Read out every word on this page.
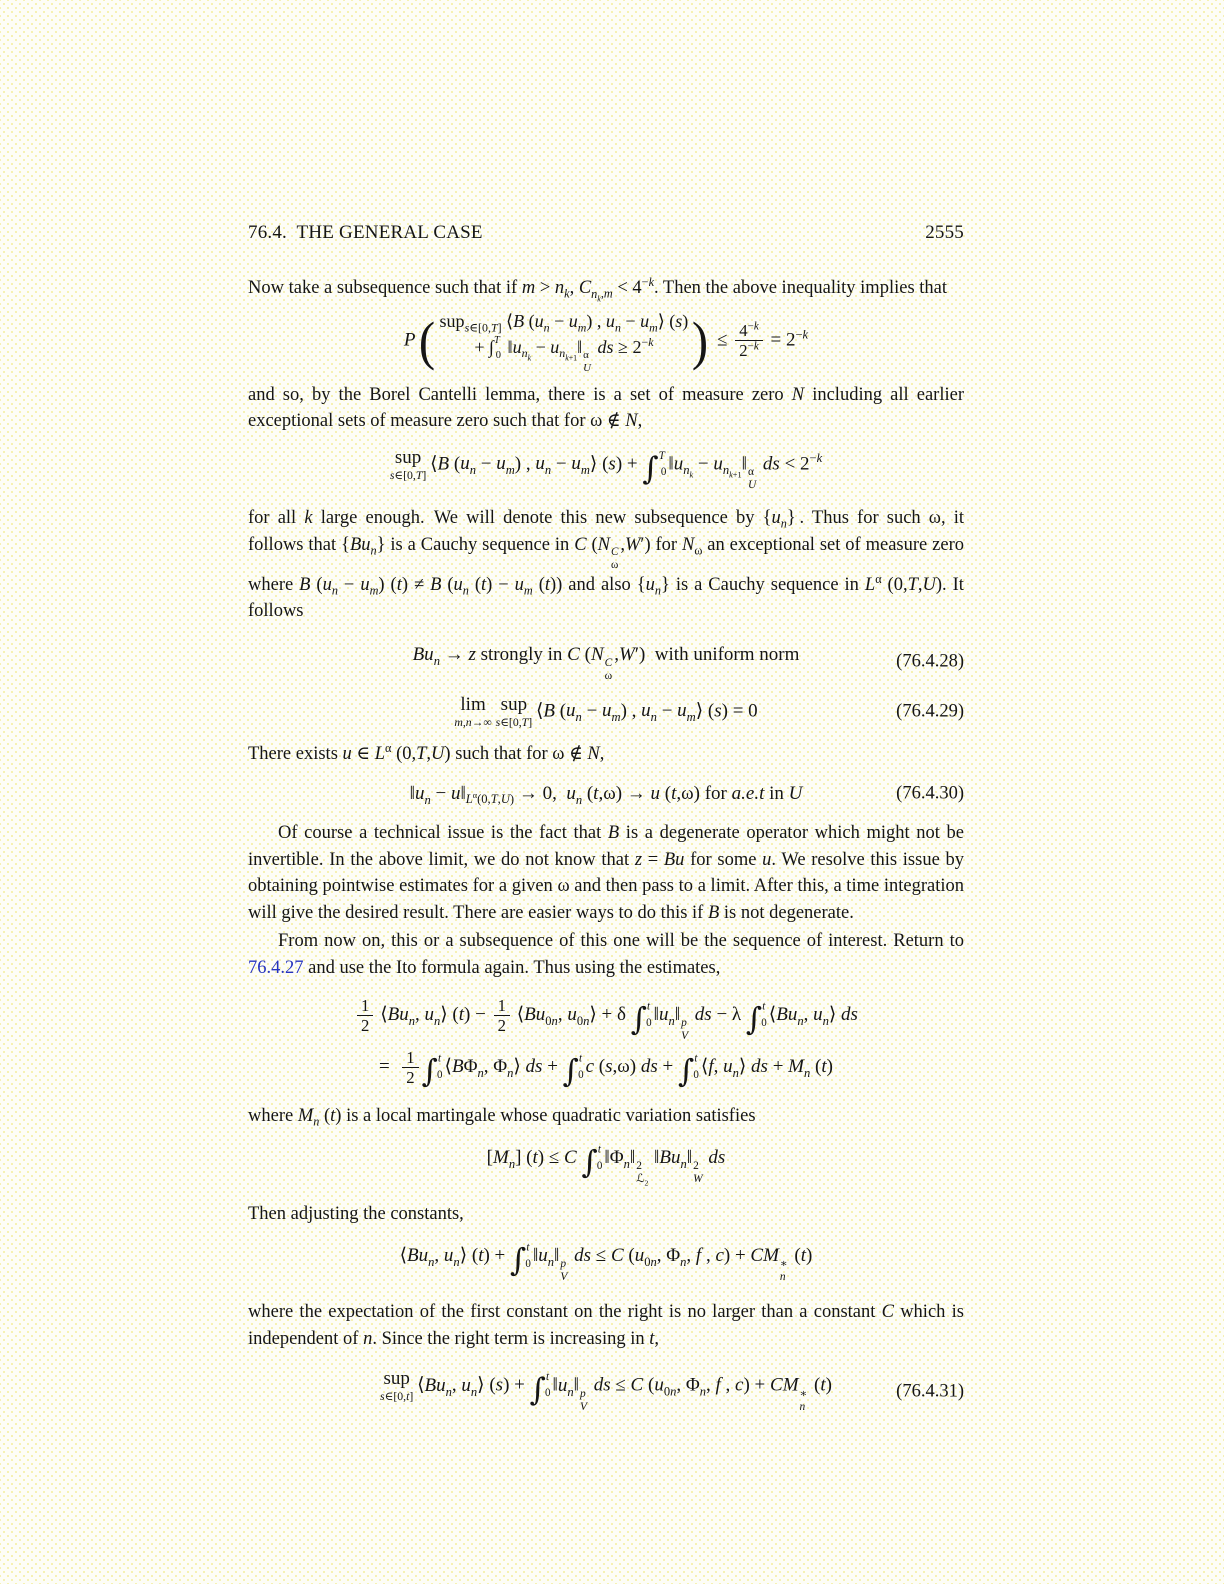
76.4.  THE GENERAL CASE	2555
Now take a subsequence such that if $m > n_k$, $C_{n_k,m} < 4^{-k}$. Then the above inequality implies that
P( sup$_{s\in[0,T]}$ ⟨B $(u_n - u_m)$ , $u_n$ − $u_m⟩$ (s)
+ ∫$^T_0$ $‖u_{n_k}$ − $u_{n_{k+1}}‖$ α
U
ds ≥ $2^{-k}$ ) ≤ $\frac{4^{-k}}{2^{-k}} = 2^{-k}$
and so, by the Borel Cantelli lemma, there is a set of measure zero N including all earlier exceptional sets of measure zero such that for ω ∉ N,
sup
s∈[0,T]
 ⟨B $(u_n - u_m)$ , $u_n$ − $u_m⟩$ (s) + ∫$^T_0$ $‖u_{n_k}$ − $u_{n_{k+1}}‖$ α
U
ds < $2^{-k}$
for all k large enough. We will denote this new subsequence by $\{u_n\}$ . Thus for such ω, it follows that $\{Bu_n\}$ is a Cauchy sequence in C (N C
ω
,W′) for $N_\omega$ an exceptional set of measure zero where B $(u_n - u_m) (t) \ne B$ ($u_n$ $(t) - u_m$ (t)) and also $\{u_n\}$ is a Cauchy sequence in $L^\alpha$ (0,T,U). It follows
$Bu_n \to z$ strongly in C (N C
ω
,W′) with uniform norm	(76.4.28)
lim
m,n→∞

sup
s∈[0,T]
 ⟨B $(u_n - u_m)$ , $u_n$ − $u_m⟩$ (s) = 0	(76.4.29)
There exists u ∈ $L^\alpha$ (0,T,U) such that for ω ∉ N,
$‖u_n$ − $u‖_{L^\alpha(0,T,U)} \to 0$, $u_n$ (t,ω) → u (t,ω) for a.e.t in U	(76.4.30)
Of course a technical issue is the fact that B is a degenerate operator which might not be invertible. In the above limit, we do not know that z = Bu for some u. We resolve this issue by obtaining pointwise estimates for a given ω and then pass to a limit. After this, a time integration will give the desired result. There are easier ways to do this if B is not degenerate.
From now on, this or a subsequence of this one will be the sequence of interest. Return to 76.4.27 and use the Ito formula again. Thus using the estimates,
$\frac{1}{2}$  $⟨Bu_n$, $u_n⟩$ $(t) - \frac{1}{2}$  $⟨Bu_{0n}$, $u_{0n}⟩ + \delta$ ∫$^t_0$ $‖u_n‖$ p
V
ds − λ ∫$^t_0$ $⟨Bu_n$, $u_n⟩$ ds
=  $\frac{1}{2} \int^t_0$ $⟨B\Phi_n$, $\Phi_n⟩$ ds + ∫$^t_0$ c (s,ω) ds + ∫$^t_0$ ⟨f, $u_n⟩$ ds + $M_n$ (t)
where $M_n$ (t) is a local martingale whose quadratic variation satisfies
$[M_n] (t) \le C$ ∫$^t_0$ $‖\Phi_n‖$ 2
ℒ$_2$
 $‖Bu_n‖$ 2
W
 ds
Then adjusting the constants,
$⟨Bu_n$, $u_n⟩$ (t) + ∫$^t_0$ $‖u_n‖$ p
V
ds ≤ C ($u_{0n}$, $\Phi_n$, f , c) + CM ∗
n
(t)
where the expectation of the first constant on the right is no larger than a constant C which is independent of n. Since the right term is increasing in t,
sup
s∈[0,t]
 $⟨Bu_n$, $u_n⟩$ (s) + ∫$^t_0$ $‖u_n‖$ p
V
ds ≤ C ($u_{0n}$, $\Phi_n$, f , c) + CM ∗
n
(t)	(76.4.31)
